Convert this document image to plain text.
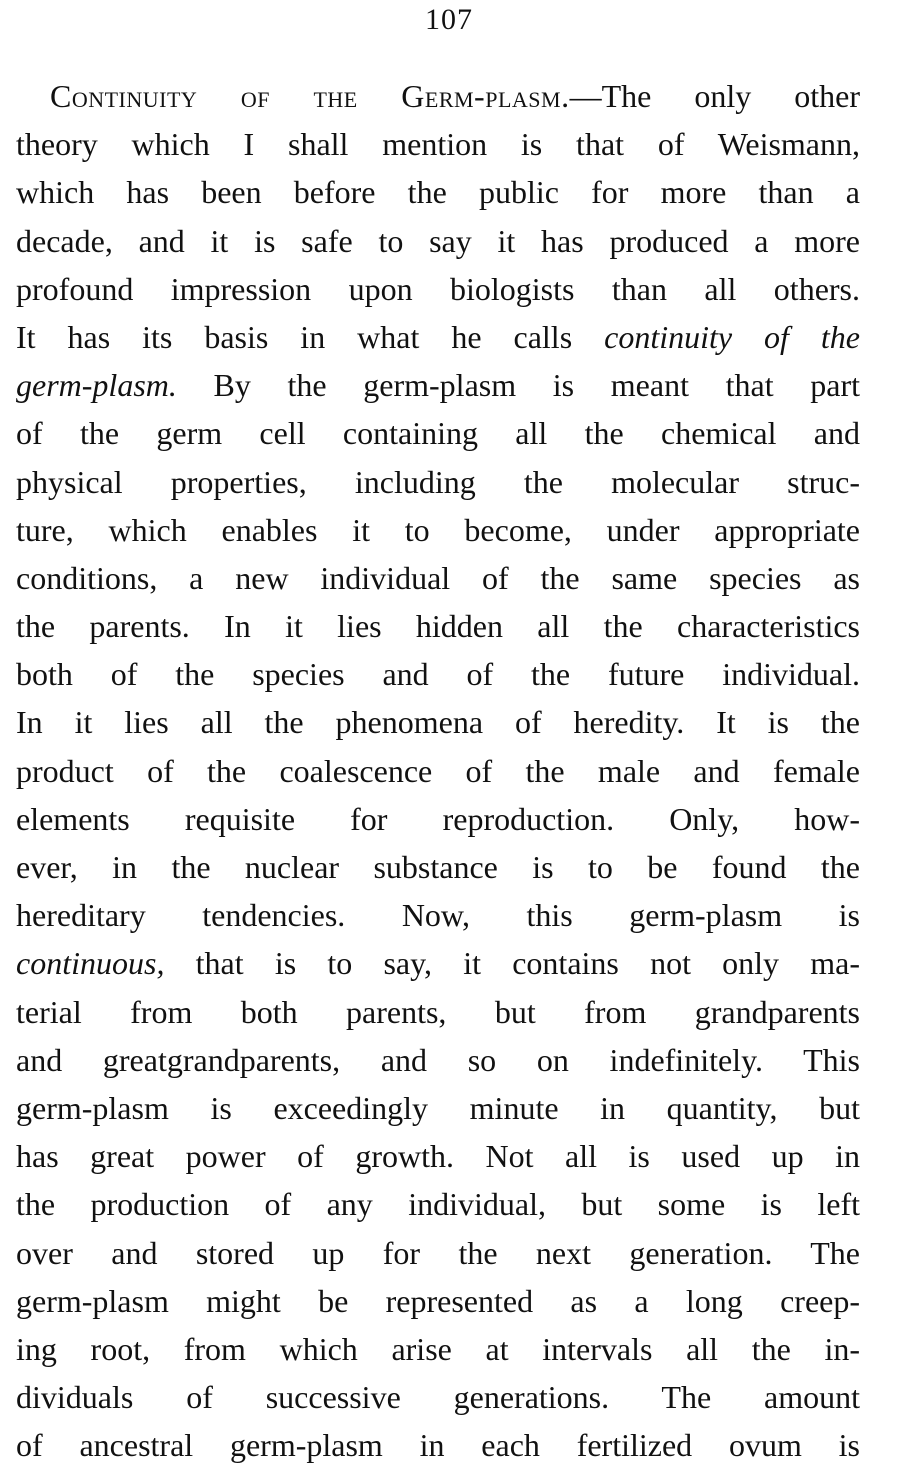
107
Continuity of the Germ-plasm.—The only other
theory which I shall mention is that of Weismann,
which has been before the public for more than a
decade, and it is safe to say it has produced a more
profound impression upon biologists than all others.
It has its basis in what he calls continuity of the
germ-plasm. By the germ-plasm is meant that part
of the germ cell containing all the chemical and
physical properties, including the molecular struc-
ture, which enables it to become, under appropriate
conditions, a new individual of the same species as
the parents. In it lies hidden all the characteristics
both of the species and of the future individual.
In it lies all the phenomena of heredity. It is the
product of the coalescence of the male and female
elements requisite for reproduction. Only, how-
ever, in the nuclear substance is to be found the
hereditary tendencies. Now, this germ-plasm is
continuous, that is to say, it contains not only ma-
terial from both parents, but from grandparents
and greatgrandparents, and so on indefinitely. This
germ-plasm is exceedingly minute in quantity, but
has great power of growth. Not all is used up in
the production of any individual, but some is left
over and stored up for the next generation. The
germ-plasm might be represented as a long creep-
ing root, from which arise at intervals all the in-
dividuals of successive generations. The amount
of ancestral germ-plasm in each fertilized ovum is
